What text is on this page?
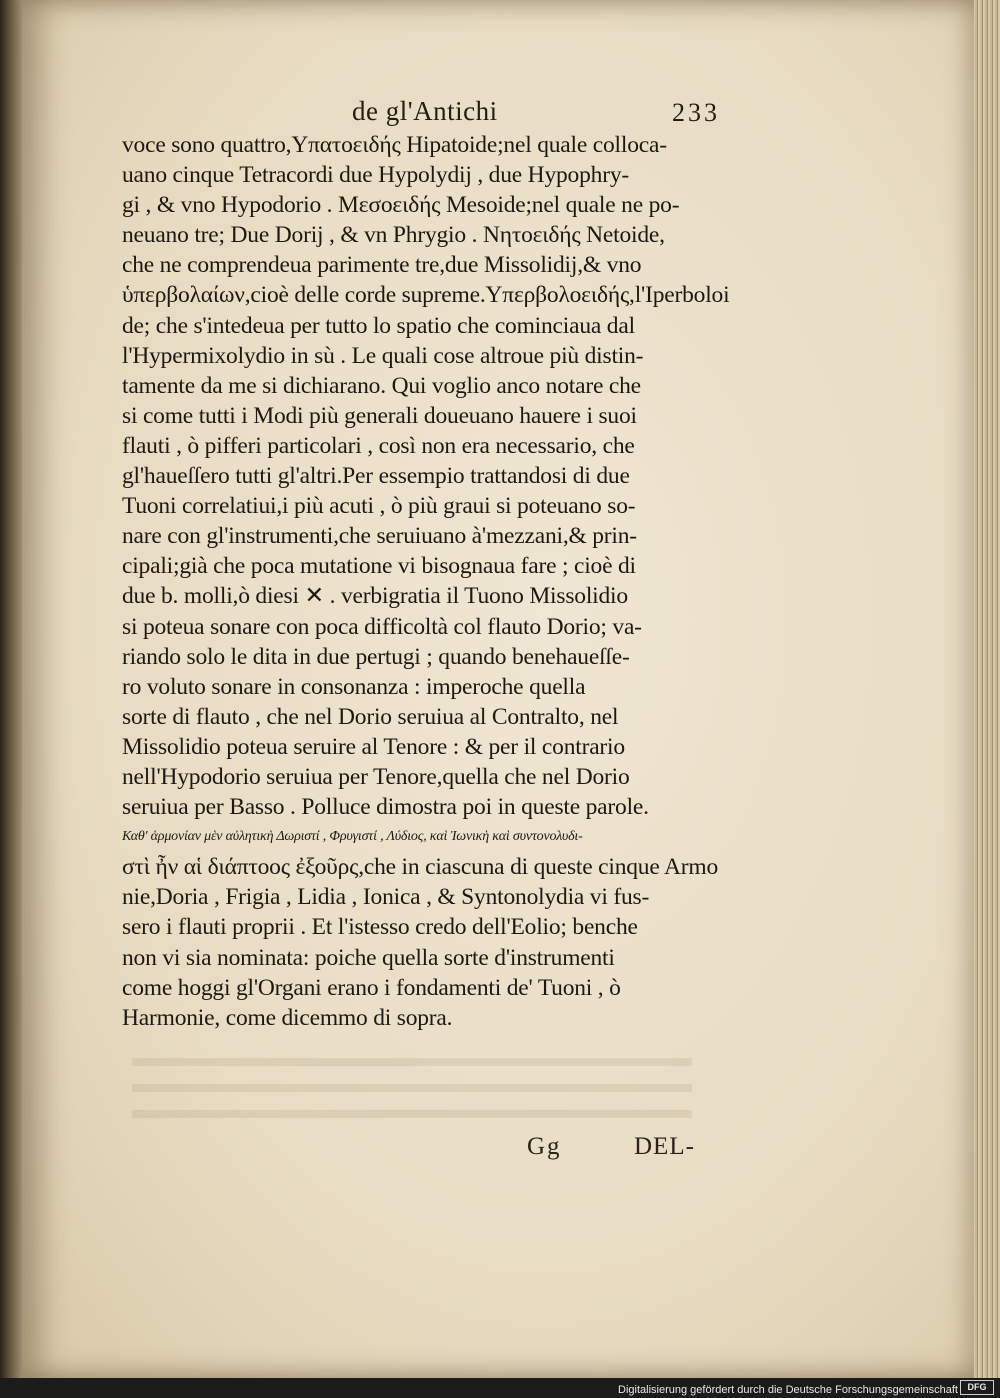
de gl'Antichi	233
voce sono quattro,Υπατοειδής Hipatoide;nel quale colloca-
uano cinque Tetracordi due Hypolydij , due Hypophry-
gi , & vno Hypodorio . Μεσοειδής Mesoide;nel quale ne po-
neuano tre; Due Dorij , & vn Phrygio . Νητοειδής Netoide,
che ne comprendeua parimente tre,due Missolidij,& vno
ὑπερβολαίων,cioè delle corde supreme.Υπερβολοειδής,l'Iperboloi
de; che s'intedeua per tutto lo spatio che cominciaua dal
l'Hypermixolydio in sù . Le quali cose altroue più distin-
tamente da me si dichiarano. Qui voglio anco notare che
si come tutti i Modi più generali doueuano hauere i suoi
flauti , ò pifferi particolari , così non era necessario, che
gl'haueſſero tutti gl'altri.Per essempio trattandosi di due
Tuoni correlatiui,i più acuti , ò più graui si poteuano so-
nare con gl'instrumenti,che seruiuano à'mezzani,& prin-
cipali;già che poca mutatione vi bisognaua fare ; cioè di
due b. molli,ò diesi ✕ . verbigratia il Tuono Missolidio
si poteua sonare con poca difficoltà col flauto Dorio; va-
riando solo le dita in due pertugi ; quando benehaueſſe-
ro voluto sonare in consonanza : imperoche quella
sorte di flauto , che nel Dorio seruiua al Contralto, nel
Missolidio poteua seruire al Tenore : & per il contrario
nell'Hypodorio seruiua per Tenore,quella che nel Dorio
seruiua per Basso . Polluce dimostra poi in queste parole.
Καθ' ἁρμονίαν μὲν αὐλητικὴ Δωριστί , Φρυγιστί , Λύδιος, καὶ Ἰωνικὴ καὶ συντονολυδι-
στὶ ἦν αἱ διάπτοος ἐξοῦρς,che in ciascuna di queste cinque Armo
nie,Doria , Frigia , Lidia , Ionica , & Syntonolydia vi fus-
sero i flauti proprii . Et l'istesso credo dell'Eolio; benche
non vi sia nominata: poiche quella sorte d'instrumenti
come hoggi gl'Organi erano i fondamenti de' Tuoni , ò
Harmonie, come dicemmo di sopra.
Gg	DEL-
Digitalisierung gefördert durch die Deutsche Forschungsgemeinschaft	DFG
